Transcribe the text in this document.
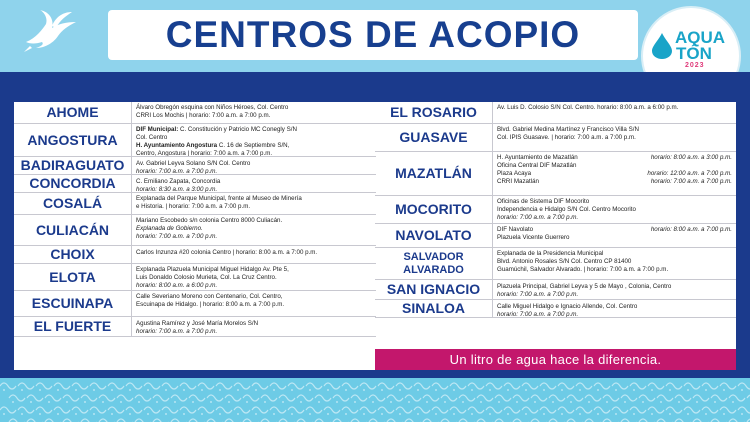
CENTROS DE ACOPIO	AQUA
TÓN
2023
AHOME	Álvaro Obregón esquina con Niños Héroes, Col. Centro
CRRI Los Mochis | horario: 7:00 a.m. a 7:00 p.m.
ANGOSTURA
DIF Municipal: C. Constitución y Patricio MC Conegly S/N
Col. Centro
H. Ayuntamiento Angostura C. 16 de Septiembre S/N,
Centro, Angostura | horario: 7:00 a.m. a 7:00 p.m.
BADIRAGUATO	Av. Gabriel Leyva Solano S/N Col. Centro
horario: 7:00 a.m. a 7:00 p.m.
CONCORDIA	C. Emiliano Zapata, Concordia
horario: 8:30 a.m. a 3:00 p.m.
COSALÁ	Explanada del Parque Municipal, frente al Museo de Minería
e Historia. | horario: 7:00 a.m. a 7:00 p.m.
CULIACÁN
Mariano Escobedo s/n colonia Centro 8000 Culiacán.
Explanada de Gobierno.
horario: 7:00 a.m. a 7:00 p.m.
CHOIX	Carlos Inzunza #20 colonia Centro | horario: 8:00 a.m. a 7:00 p.m.
ELOTA	Explanada Plazuela Municipal Miguel Hidalgo Av. Pte 5,
Luis Donaldo Colosio Murieta, Col. La Cruz Centro.
horario: 8:00 a.m. a 6:00 p.m.
ESCUINAPA	Calle Severiano Moreno con Centenario, Col. Centro,
Escuinapa de Hidalgo. | horario: 8:00 a.m. a 7:00 p.m.
EL FUERTE	Agustina Ramírez y José María Morelos S/N
horario: 7:00 a.m. a 7:00 p.m.
EL ROSARIO	Av. Luis D. Colosio S/N Col. Centro. horario: 8:00 a.m. a 6:00 p.m.
GUASAVE	Blvd. Gabriel Medina Martínez y Francisco Villa S/N
Col. IPIS Guasave. | horario: 7:00 a.m. a 7:00 p.m.
MAZATLÁN
H. Ayuntamiento de Mazatlán	horario: 8:00 a.m. a 3:00 p.m.
Oficina Central DIF Mazatlán
Plaza Acaya	horario: 12:00 a.m. a 7:00 p.m.
CRRI Mazatlán	horario: 7:00 a.m. a 7:00 p.m.
MOCORITO	Oficinas de Sistema DIF Mocorito
Independencia e Hidalgo S/N Col. Centro Mocorito
horario: 7:00 a.m. a 7:00 p.m.
NAVOLATO	DIF Navolato	horario: 8:00 a.m. a 7:00 p.m.
Plazuela Vicente Guerrero
SALVADOR ALVARADO
Explanada de la Presidencia Municipal
Blvd. Antonio Rosales S/N Col. Centro CP 81400
Guamúchil, Salvador Alvarado. | horario: 7:00 a.m. a 7:00 p.m.
SAN IGNACIO	Plazuela Principal, Gabriel Leyva y 5 de Mayo , Colonia, Centro
horario: 7:00 a.m. a 7:00 p.m.
SINALOA	Calle Miguel Hidalgo e Ignacio Allende, Col. Centro
horario: 7:00 a.m. a 7:00 p.m.
Un litro de agua hace la diferencia.
